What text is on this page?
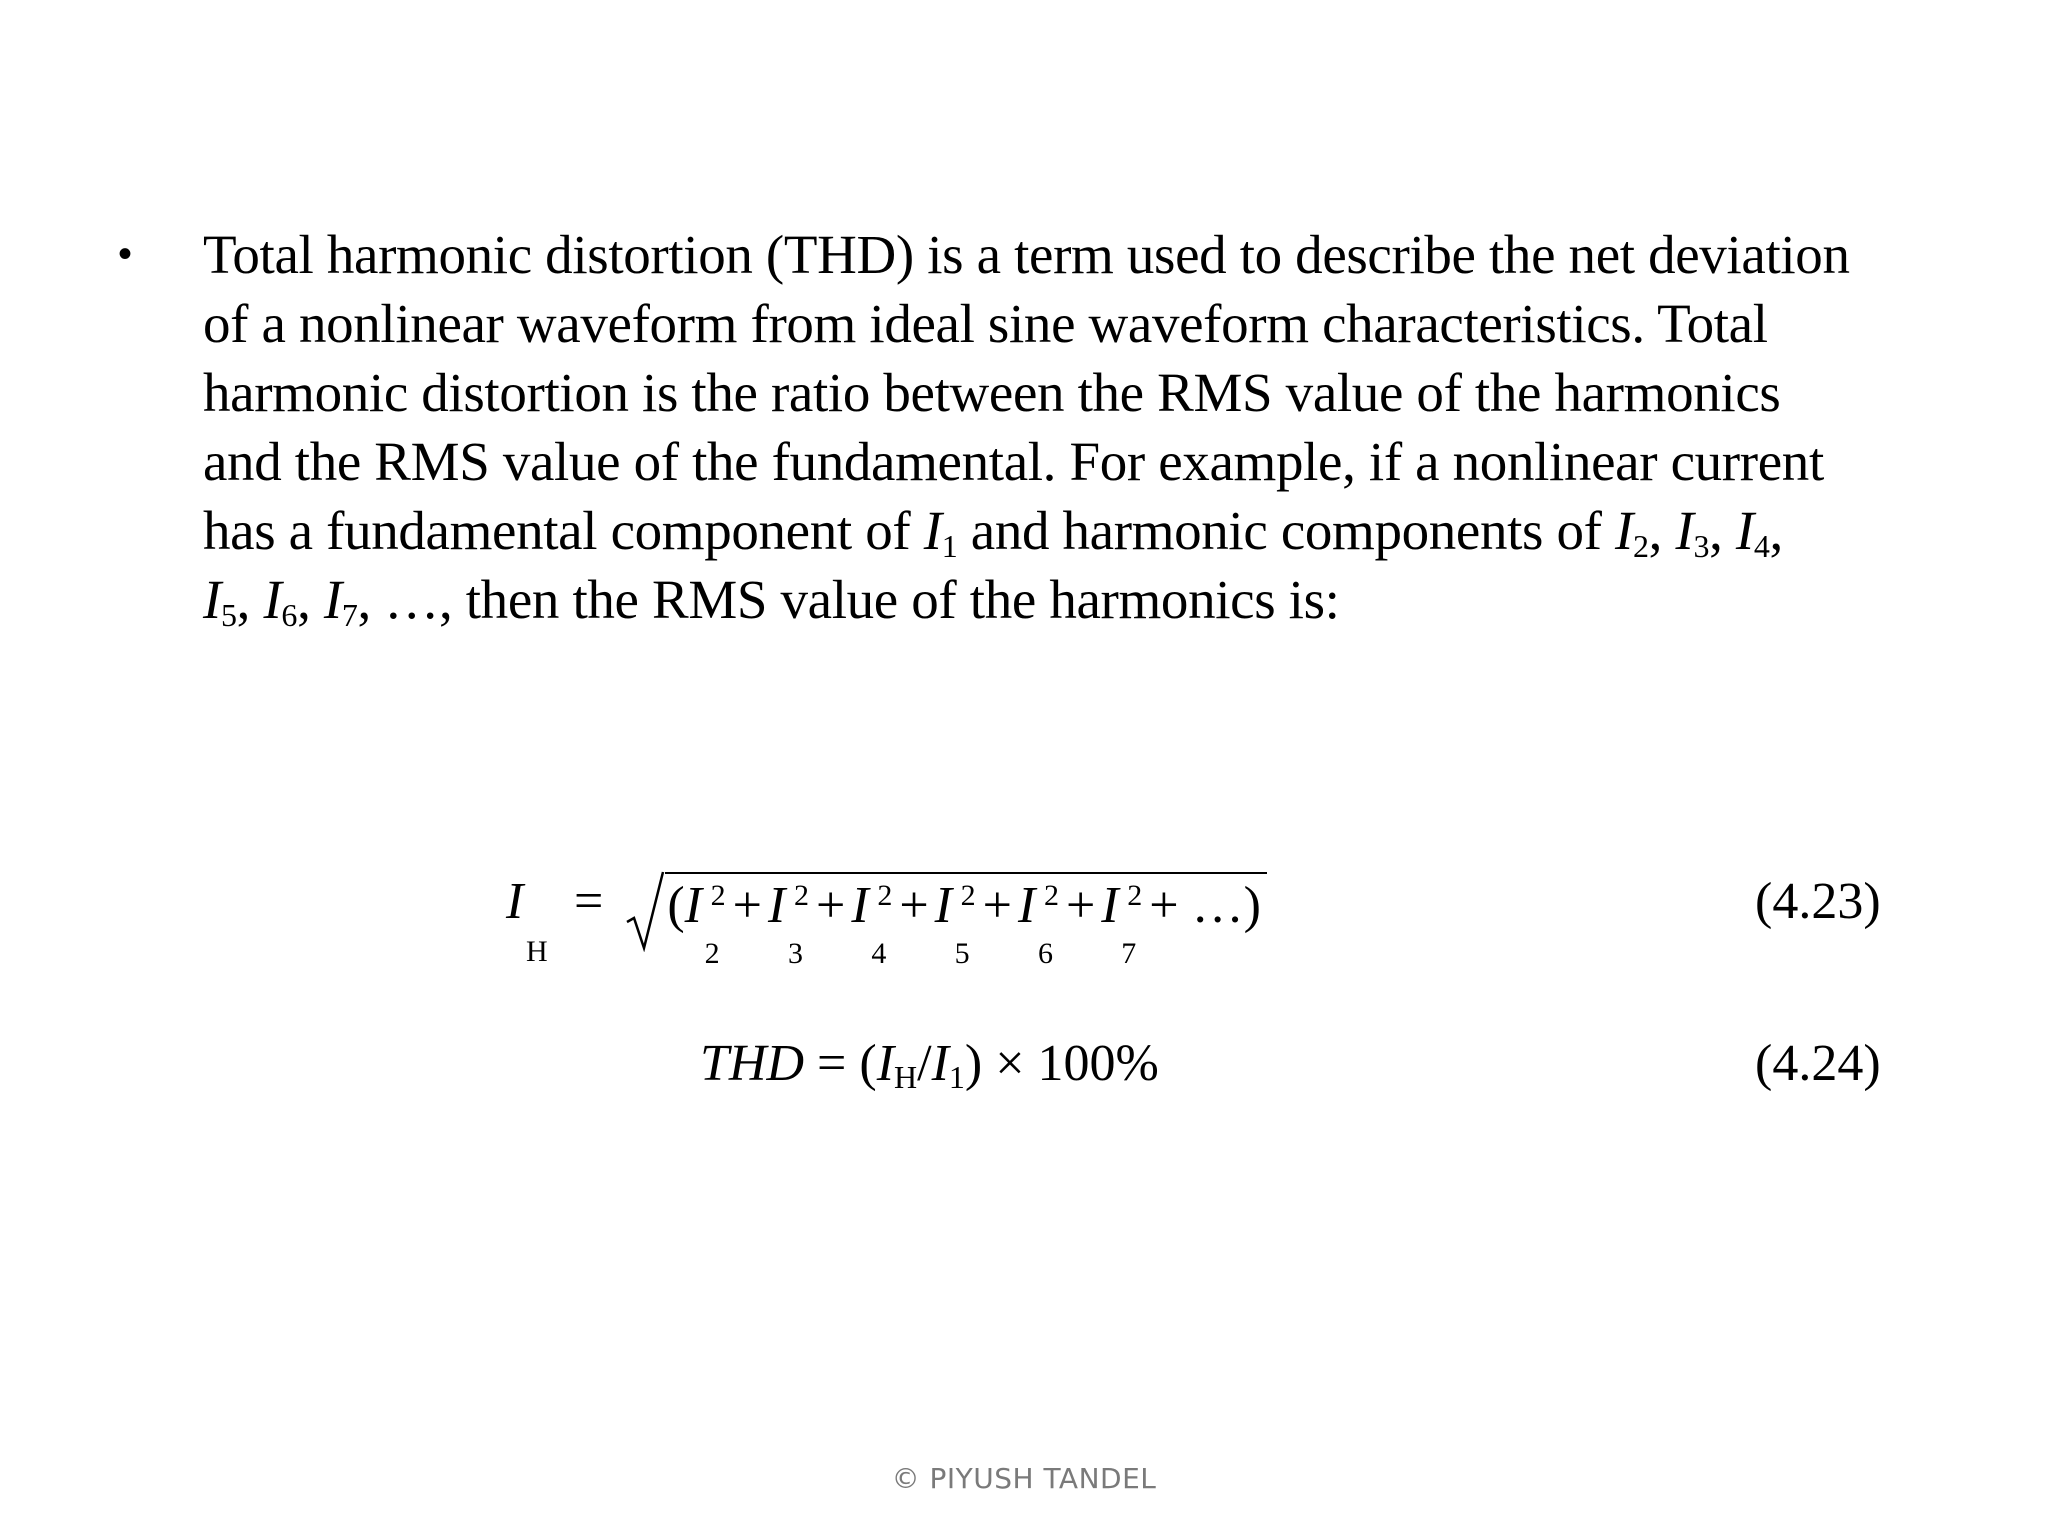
•	Total harmonic distortion (THD) is a term used to describe the net deviation
of a nonlinear waveform from ideal sine waveform characteristics. Total
harmonic distortion is the ratio between the RMS value of the harmonics
and the RMS value of the fundamental. For example, if a nonlinear current
has a fundamental component of $I_1$ and harmonic components of $I_2$, $I_3$, $I_4$,
$I_5$, $I_6$, $I_7$, …, then the RMS value of the harmonics is:
I
H
= ( I 2
2
+ I 2
3
+ I 2
4
+ I 2
5
+ I 2
6
+ I 2
7
+ …)	(4.23)
THD = $(I_H/I_1) \times 100\%$	(4.24)
© PIYUSH TANDEL
